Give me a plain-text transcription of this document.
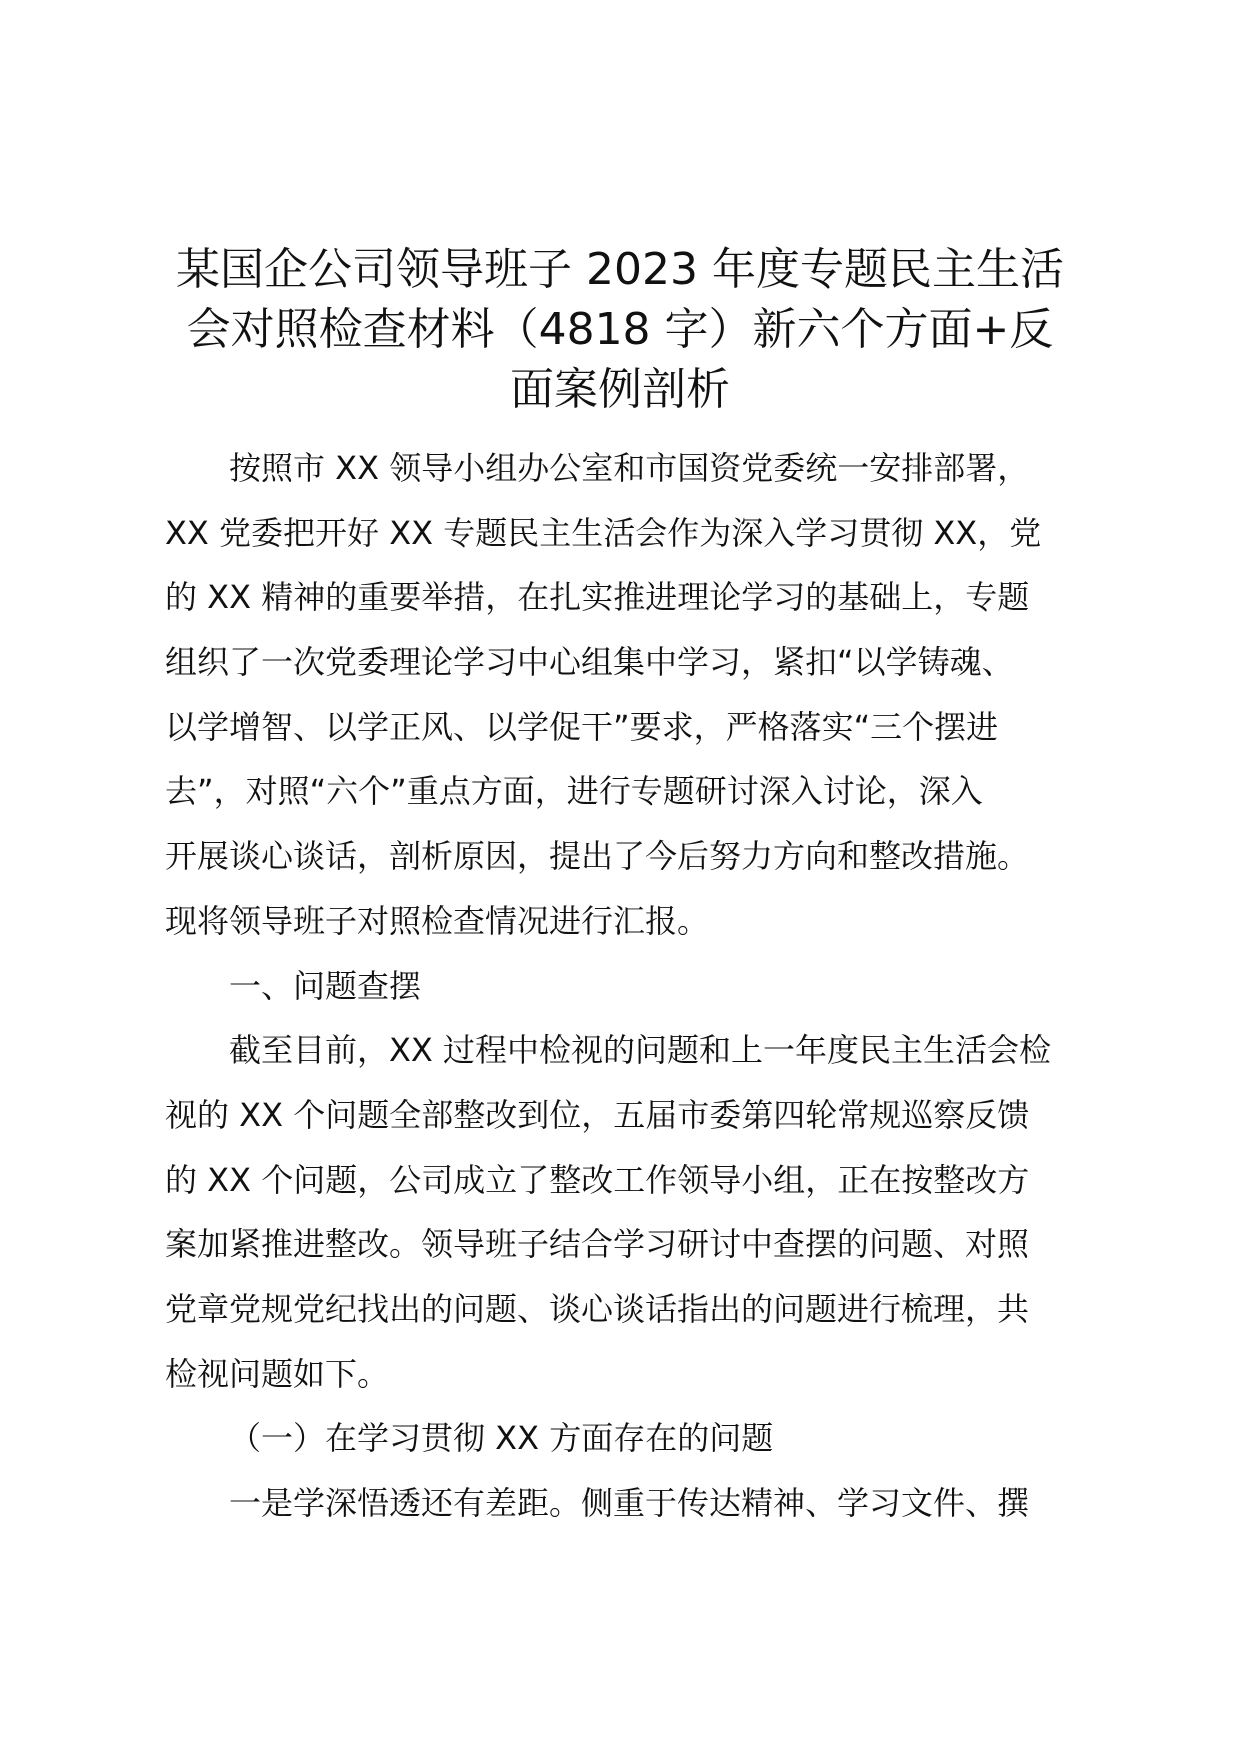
某国企公司领导班子 2023 年度专题民主生活
会对照检查材料（4818 字）新六个方面+反
面案例剖析
按照市 XX 领导小组办公室和市国资党委统一安排部署，
XX 党委把开好 XX 专题民主生活会作为深入学习贯彻 XX，党
的 XX 精神的重要举措，在扎实推进理论学习的基础上，专题
组织了一次党委理论学习中心组集中学习，紧扣“以学铸魂、
以学增智、以学正风、以学促干”要求，严格落实“三个摆进
去”，对照“六个”重点方面，进行专题研讨深入讨论，深入
开展谈心谈话，剖析原因，提出了今后努力方向和整改措施。
现将领导班子对照检查情况进行汇报。
一、问题查摆
截至目前，XX 过程中检视的问题和上一年度民主生活会检
视的 XX 个问题全部整改到位，五届市委第四轮常规巡察反馈
的 XX 个问题，公司成立了整改工作领导小组，正在按整改方
案加紧推进整改。领导班子结合学习研讨中查摆的问题、对照
党章党规党纪找出的问题、谈心谈话指出的问题进行梳理，共
检视问题如下。
（一）在学习贯彻 XX 方面存在的问题
一是学深悟透还有差距。侧重于传达精神、学习文件、撰
